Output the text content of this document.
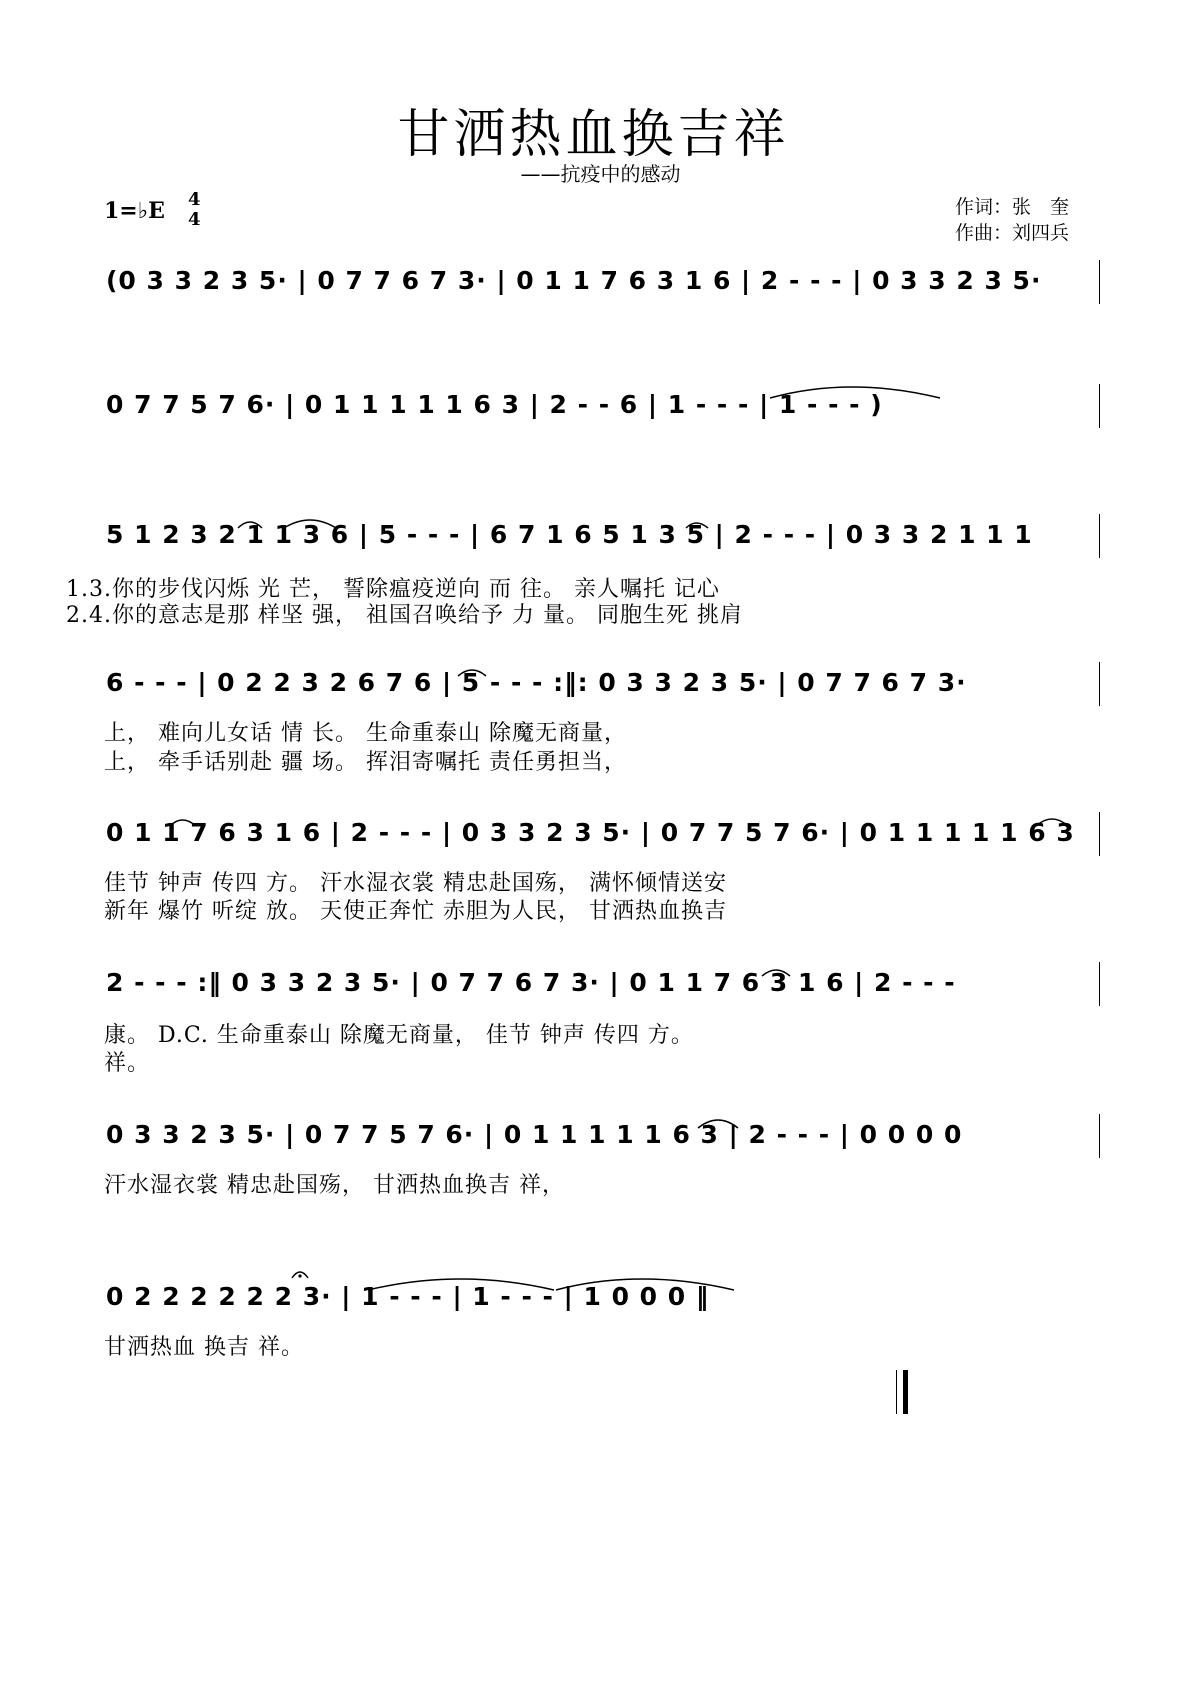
甘洒热血换吉祥
——抗疫中的感动
1=♭E 4
4
作词：张　奎
作曲：刘四兵
(0 3 3 2 3 5· | 0 7 7 6 7 3· | 0 1 1 7 6 3 1 6 | 2 - - - | 0 3 3 2 3 5·
0 7 7 5 7 6· | 0 1 1 1 1 1 6 3 | 2 - - 6 | 1 - - - | 1 - - - )
5 1 2 3 2 1 1 3 6 | 5 - - - | 6 7 1 6 5 1 3 5 | 2 - - - | 0 3 3 2 1 1 1
1.3.你的步伐闪烁 光 芒， 誓除瘟疫逆向 而 往。 亲人嘱托 记心
2.4.你的意志是那 样坚 强， 祖国召唤给予 力 量。 同胞生死 挑肩
6 - - - | 0 2 2 3 2 6 7 6 | 5 - - - :‖: 0 3 3 2 3 5· | 0 7 7 6 7 3·
上， 难向儿女话 情 长。 生命重泰山 除魔无商量，
上， 牵手话别赴 疆 场。 挥泪寄嘱托 责任勇担当，
0 1 1 7 6 3 1 6 | 2 - - - | 0 3 3 2 3 5· | 0 7 7 5 7 6· | 0 1 1 1 1 1 6 3
佳节 钟声 传四 方。 汗水湿衣裳 精忠赴国殇， 满怀倾情送安
新年 爆竹 听绽 放。 天使正奔忙 赤胆为人民， 甘洒热血换吉
2 - - - :‖ 0 3 3 2 3 5· | 0 7 7 6 7 3· | 0 1 1 7 6 3 1 6 | 2 - - -
康。 D.C. 生命重泰山 除魔无商量， 佳节 钟声 传四 方。
祥。
0 3 3 2 3 5· | 0 7 7 5 7 6· | 0 1 1 1 1 1 6 3 | 2 - - - | 0 0 0 0
汗水湿衣裳 精忠赴国殇， 甘洒热血换吉 祥，
0 2 2 2 2 2 2 3· | 1 - - - | 1 - - - | 1 0 0 0 ‖
甘洒热血 换吉 祥。
